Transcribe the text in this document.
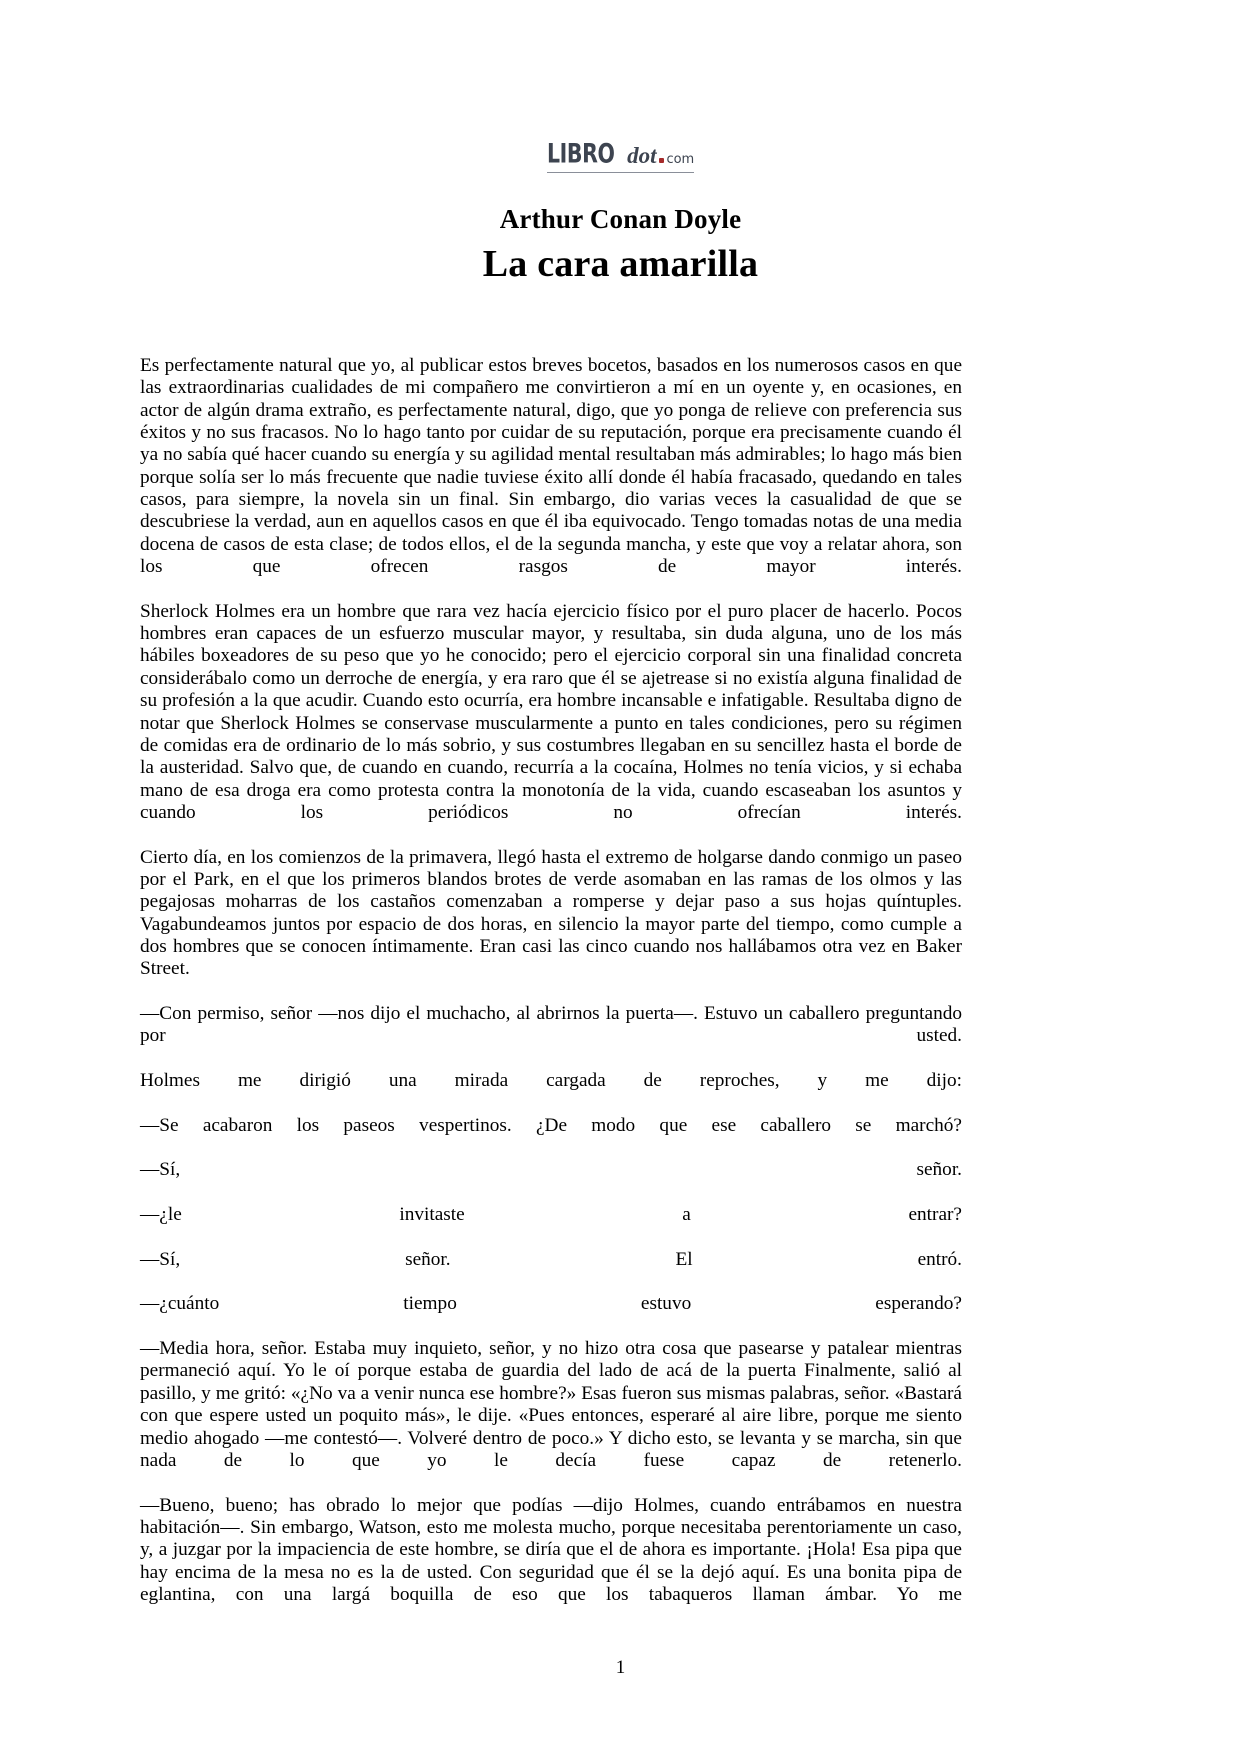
LIBRO dot com
Arthur Conan Doyle
La cara amarilla

Es perfectamente natural que yo, al publicar estos breves bocetos, basados en los numerosos casos en que las extraordinarias cualidades de mi compañero me convirtieron a mí en un oyente y, en ocasiones, en actor de algún drama extraño, es perfectamente natural, digo, que yo ponga de relieve con preferencia sus éxitos y no sus fracasos. No lo hago tanto por cuidar de su reputación, porque era precisamente cuando él ya no sabía qué hacer cuando su energía y su agilidad mental resultaban más admirables; lo hago más bien porque solía ser lo más frecuente que nadie tuviese éxito allí donde él había fracasado, quedando en tales casos, para siempre, la novela sin un final. Sin embargo, dio varias veces la casualidad de que se descubriese la verdad, aun en aquellos casos en que él iba equivocado. Tengo tomadas notas de una media docena de casos de esta clase; de todos ellos, el de la segunda mancha, y este que voy a relatar ahora, son los que ofrecen rasgos de mayor interés.

Sherlock Holmes era un hombre que rara vez hacía ejercicio físico por el puro placer de hacerlo. Pocos hombres eran capaces de un esfuerzo muscular mayor, y resultaba, sin duda alguna, uno de los más hábiles boxeadores de su peso que yo he conocido; pero el ejercicio corporal sin una finalidad concreta considerábalo como un derroche de energía, y era raro que él se ajetrease si no existía alguna finalidad de su profesión a la que acudir. Cuando esto ocurría, era hombre incansable e infatigable. Resultaba digno de notar que Sherlock Holmes se conservase muscularmente a punto en tales condiciones, pero su régimen de comidas era de ordinario de lo más sobrio, y sus costumbres llegaban en su sencillez hasta el borde de la austeridad. Salvo que, de cuando en cuando, recurría a la cocaína, Holmes no tenía vicios, y si echaba mano de esa droga era como protesta contra la monotonía de la vida, cuando escaseaban los asuntos y cuando los periódicos no ofrecían interés.

Cierto día, en los comienzos de la primavera, llegó hasta el extremo de holgarse dando conmigo un paseo por el Park, en el que los primeros blandos brotes de verde asomaban en las ramas de los olmos y las pegajosas moharras de los castaños comenzaban a romperse y dejar paso a sus hojas quíntuples. Vagabundeamos juntos por espacio de dos horas, en silencio la mayor parte del tiempo, como cumple a dos hombres que se conocen íntimamente. Eran casi las cinco cuando nos hallábamos otra vez en Baker Street.

—Con permiso, señor —nos dijo el muchacho, al abrirnos la puerta—. Estuvo un caballero preguntando por usted.

Holmes me dirigió una mirada cargada de reproches, y me dijo:

—Se acabaron los paseos vespertinos. ¿De modo que ese caballero se marchó?

—Sí, señor.

—¿le invitaste a entrar?

—Sí, señor. El entró.

—¿cuánto tiempo estuvo esperando?

—Media hora, señor. Estaba muy inquieto, señor, y no hizo otra cosa que pasearse y patalear mientras permaneció aquí. Yo le oí porque estaba de guardia del lado de acá de la puerta Finalmente, salió al pasillo, y me gritó: «¿No va a venir nunca ese hombre?» Esas fueron sus mismas palabras, señor. «Bastará con que espere usted un poquito más», le dije. «Pues entonces, esperaré al aire libre, porque me siento medio ahogado —me contestó—. Volveré dentro de poco.» Y dicho esto, se levanta y se marcha, sin que nada de lo que yo le decía fuese capaz de retenerlo.

—Bueno, bueno; has obrado lo mejor que podías —dijo Holmes, cuando entrábamos en nuestra habitación—. Sin embargo, Watson, esto me molesta mucho, porque necesitaba perentoriamente un caso, y, a juzgar por la impaciencia de este hombre, se diría que el de ahora es importante. ¡Hola! Esa pipa que hay encima de la mesa no es la de usted. Con seguridad que él se la dejó aquí. Es una bonita pipa de eglantina, con una largá boquilla de eso que los tabaqueros llaman ámbar. Yo me

1
